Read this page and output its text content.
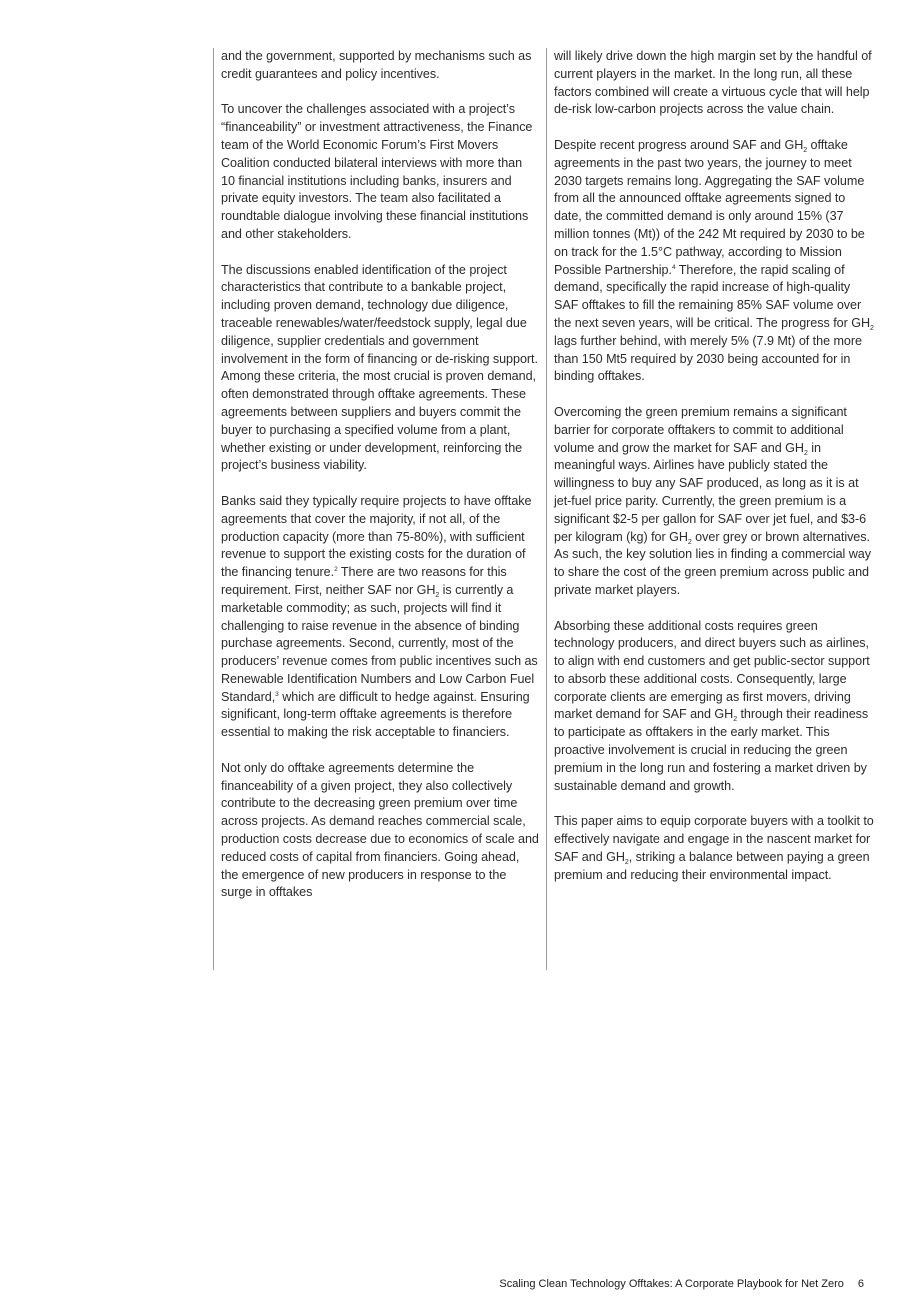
and the government, supported by mechanisms such as credit guarantees and policy incentives.

To uncover the challenges associated with a project’s “financeability” or investment attractiveness, the Finance team of the World Economic Forum’s First Movers Coalition conducted bilateral interviews with more than 10 financial institutions including banks, insurers and private equity investors. The team also facilitated a roundtable dialogue involving these financial institutions and other stakeholders.

The discussions enabled identification of the project characteristics that contribute to a bankable project, including proven demand, technology due diligence, traceable renewables/water/feedstock supply, legal due diligence, supplier credentials and government involvement in the form of financing or de-risking support. Among these criteria, the most crucial is proven demand, often demonstrated through offtake agreements. These agreements between suppliers and buyers commit the buyer to purchasing a specified volume from a plant, whether existing or under development, reinforcing the project’s business viability.

Banks said they typically require projects to have offtake agreements that cover the majority, if not all, of the production capacity (more than 75-80%), with sufficient revenue to support the existing costs for the duration of the financing tenure.$^2$ There are two reasons for this requirement. First, neither SAF nor $GH_2$ is currently a marketable commodity; as such, projects will find it challenging to raise revenue in the absence of binding purchase agreements. Second, currently, most of the producers’ revenue comes from public incentives such as Renewable Identification Numbers and Low Carbon Fuel Standard,$^3$ which are difficult to hedge against. Ensuring significant, long-term offtake agreements is therefore essential to making the risk acceptable to financiers.

Not only do offtake agreements determine the financeability of a given project, they also collectively contribute to the decreasing green premium over time across projects. As demand reaches commercial scale, production costs decrease due to economics of scale and reduced costs of capital from financiers. Going ahead, the emergence of new producers in response to the surge in offtakes

will likely drive down the high margin set by the handful of current players in the market. In the long run, all these factors combined will create a virtuous cycle that will help de-risk low-carbon projects across the value chain.

Despite recent progress around SAF and $GH_2$ offtake agreements in the past two years, the journey to meet 2030 targets remains long. Aggregating the SAF volume from all the announced offtake agreements signed to date, the committed demand is only around 15% (37 million tonnes (Mt)) of the 242 Mt required by 2030 to be on track for the 1.5°C pathway, according to Mission Possible Partnership.$^4$ Therefore, the rapid scaling of demand, specifically the rapid increase of high-quality SAF offtakes to fill the remaining 85% SAF volume over the next seven years, will be critical. The progress for $GH_2$ lags further behind, with merely 5% (7.9 Mt) of the more than 150 Mt5 required by 2030 being accounted for in binding offtakes.

Overcoming the green premium remains a significant barrier for corporate offtakers to commit to additional volume and grow the market for SAF and $GH_2$ in meaningful ways. Airlines have publicly stated the willingness to buy any SAF produced, as long as it is at jet-fuel price parity. Currently, the green premium is a significant $2-5 per gallon for SAF over jet fuel, and $3-6 per kilogram (kg) for $GH_2$ over grey or brown alternatives. As such, the key solution lies in finding a commercial way to share the cost of the green premium across public and private market players.

Absorbing these additional costs requires green technology producers, and direct buyers such as airlines, to align with end customers and get public-sector support to absorb these additional costs. Consequently, large corporate clients are emerging as first movers, driving market demand for SAF and $GH_2$ through their readiness to participate as offtakers in the early market. This proactive involvement is crucial in reducing the green premium in the long run and fostering a market driven by sustainable demand and growth.

This paper aims to equip corporate buyers with a toolkit to effectively navigate and engage in the nascent market for SAF and $GH_2$, striking a balance between paying a green premium and reducing their environmental impact.

Scaling Clean Technology Offtakes: A Corporate Playbook for Net Zero 6
